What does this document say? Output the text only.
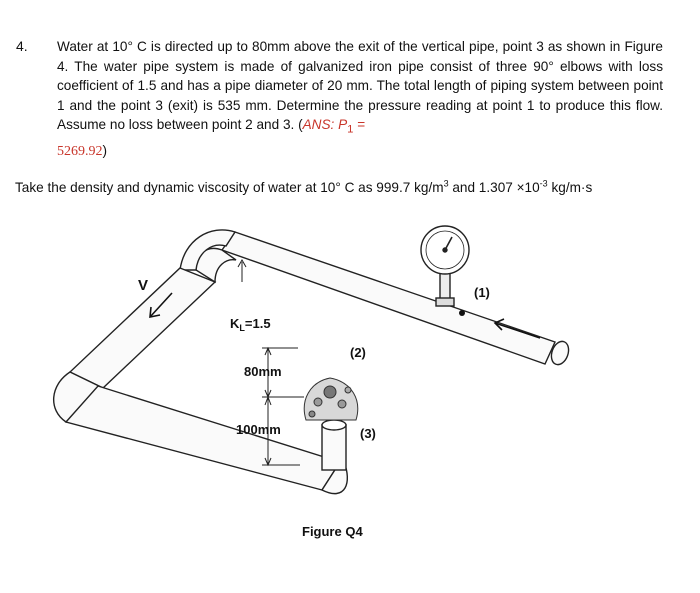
4. Water at 10° C is directed up to 80mm above the exit of the vertical pipe, point 3 as shown in Figure 4. The water pipe system is made of galvanized iron pipe consist of three 90° elbows with loss coefficient of 1.5 and has a pipe diameter of 20 mm. The total length of piping system between point 1 and the point 3 (exit) is 535 mm. Determine the pressure reading at point 1 to produce this flow. Assume no loss between point 2 and 3. (ANS: $P_1$ =
5269.92)
Take the density and dynamic viscosity of water at 10° C as 999.7 $kg/m^3$ and $1.307 \times 10^{-3}$ kg/m·s
V
$K_L=1.5$
80mm
100mm
(2)
(3)
(1)
Figure Q4
